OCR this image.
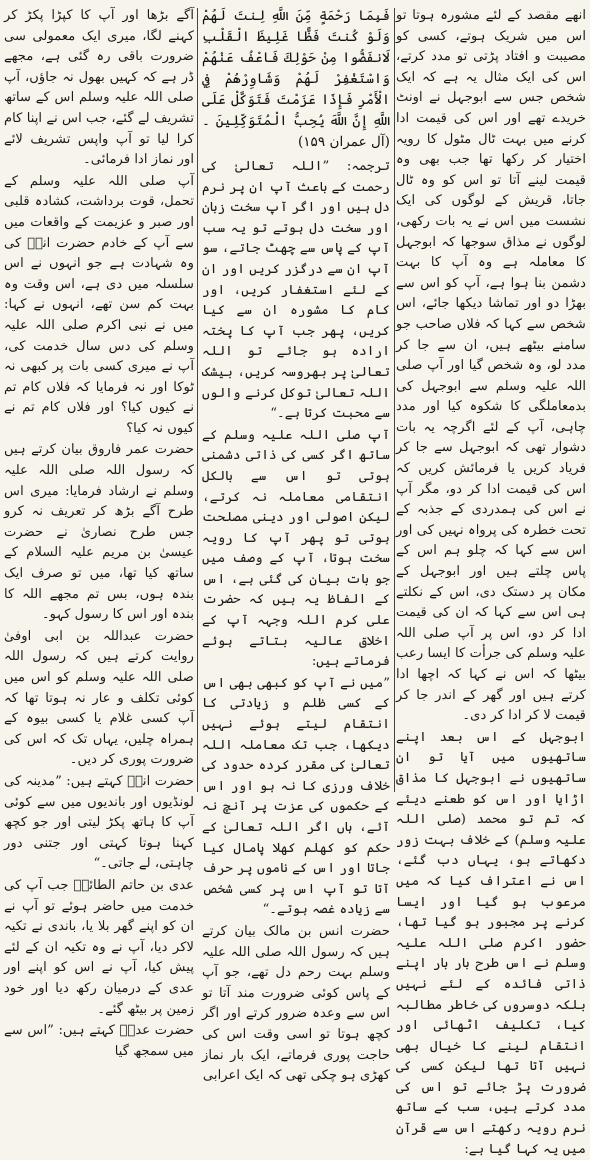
انھے مقصد کے لئے مشورہ ہوتا تو اس میں شریک ہوتے، کسی کو مصیبت و افتاد پڑتی تو مدد کرتے، اس کی ایک مثال یہ ہے کہ ایک شخص جس سے ابوجہل نے اونٹ خریدے تھے اور اس کی قیمت ادا کرنے میں بہت ٹال مٹول کا رویہ اختیار کر رکھا تھا جب بھی وہ قیمت لینے آتا تو اس کو وہ ٹال جاتا، قریش کے لوگوں کی ایک نشست میں اس نے یہ بات رکھی، لوگوں نے مذاق سوجھا کہ ابوجہل کا معاملہ ہے وہ آپ کا بہت دشمن بنا ہوا ہے، آپ کو اس سے بھڑا دو اور تماشا دیکھا جائے، اس شخص سے کہا کہ فلاں صاحب جو سامنے بیٹھے ہیں، ان سے جا کر مدد لو، وہ شخص گیا اور آپ صلی اللہ علیہ وسلم سے ابوجہل کی بدمعاملگی کا شکوہ کیا اور مدد چاہی، آپ کے لئے اگرچہ یہ بات دشوار تھی کہ ابوجہل سے جا کر فریاد کریں یا فرمائش کریں کہ اس کی قیمت ادا کر دو، مگر آپ نے اس کی ہمدردی کے جذبہ کے تحت خطرہ کی پرواہ نہیں کی اور اس سے کہا کہ چلو ہم اس کے پاس چلتے ہیں اور ابوجہل کے مکان پر دستک دی، اس کے نکلتے ہی اس سے کہا کہ ان کی قیمت ادا کر دو، اس پر آپ صلی اللہ علیہ وسلم کی جرأت کا ایسا رعب بیٹھا کہ اس نے کہا کہ اچھا ادا کرتے ہیں اور گھر کے اندر جا کر قیمت لا کر ادا کر دی۔

ابوجہل کے اس بعد اپنے ساتھیوں میں آیا تو ان ساتھیوں نے ابوجہل کا مذاق اڑایا اور اس کو طعنے دیئے کہ تم تو محمد (صلی اللہ علیہ وسلم) کے خلاف بہت زور دکھاتے ہو، یہاں دب گئے، اس نے اعتراف کیا کہ میں مرعوب ہو گیا اور ایسا کرنے پر مجبور ہو گیا تھا، حضور اکرم صلی اللہ علیہ وسلم نے اس طرح بار بار اپنے ذاتی فائدہ کے لئے نہیں بلکہ دوسروں کی خاطر مطالبہ کیا، تکلیف اٹھائی اور انتقام لینے کا خیال بھی نہیں آتا تھا لیکن کسی کی ضرورت پڑ جائے تو اس کی مدد کرتے ہیں، سب کے ساتھ نرم رویہ رکھتے اس سے قرآن میں یہ کہا گیا ہے:

فَبِمَا رَحْمَةٍ مِّنَ اللَّهِ لِنتَ لَهُمْ وَلَوْ كُنتَ فَظًّا غَلِيظَ الْقَلْبِ لَانفَضُّوا مِنْ حَوْلِكَ فَاعْفُ عَنْهُمْ وَاسْتَغْفِرْ لَهُمْ وَشَاوِرْهُمْ فِي الْأَمْرِ فَإِذَا عَزَمْتَ فَتَوَكَّلْ عَلَى اللَّهِ إِنَّ اللَّهَ يُحِبُّ الْمُتَوَكِّلِينَ ۔ (آل عمران ۱۵۹)

ترجمہ: ”اللہ تعالیٰ کی رحمت کے باعث آپ ان پر نرم دل ہیں اور اگر آپ سخت زبان اور سخت دل ہوتے تو یہ سب آپ کے پاس سے چھٹ جاتے، سو آپ ان سے درگزر کریں اور ان کے لئے استغفار کریں، اور کام کا مشورہ ان سے کیا کریں، پھر جب آپ کا پختہ ارادہ ہو جائے تو اللہ تعالیٰ پر بھروسہ کریں، بیشک اللہ تعالیٰ توکل کرنے والوں سے محبت کرتا ہے۔“

آپ صلی اللہ علیہ وسلم کے ساتھ اگر کسی کی ذاتی دشمنی ہوتی تو اس سے بالکل انتقامی معاملہ نہ کرتے، لیکن اصولی اور دینی مصلحت ہوتی تو پھر آپ کا رویہ سخت ہوتا، آپ کے وصف میں جو بات بیان کی گئی ہے، اس کے الفاظ یہ ہیں کہ حضرت علی کرم اللہ وجہہ آپ کے اخلاق عالیہ بتاتے ہوئے فرماتے ہیں:

”میں نے آپ کو کبھی بھی اس کے کسی ظلم و زیادتی کا انتقام لیتے ہوئے نہیں دیکھا، جب تک معاملہ اللہ تعالیٰ کی مقرر کردہ حدود کی خلاف ورزی کا نہ ہو اور اس کے حکموں کی عزت پر آنچ نہ آئے، ہاں اگر اللہ تعالیٰ کے حکم کو کھلم کھلا پامال کیا جاتا اور اس کے ناموں پر حرف آتا تو آپ اس پر کسی شخص سے زیادہ غصہ ہوتے۔“

حضرت انس بن مالک بیان کرتے ہیں کہ رسول اللہ صلی اللہ علیہ وسلم بہت رحم دل تھے، جو آپ کے پاس کوئی ضرورت مند آتا تو اس سے وعدہ ضرور کرتے اور اگر کچھ ہوتا تو اسی وقت اس کی حاجت پوری فرماتے، ایک بار نماز کھڑی ہو چکی تھی کہ ایک اعرابی

آگے بڑھا اور آپ کا کپڑا پکڑ کر کہنے لگا، میری ایک معمولی سی ضرورت باقی رہ گئی ہے، مجھے ڈر ہے کہ کہیں بھول نہ جاؤں، آپ صلی اللہ علیہ وسلم اس کے ساتھ تشریف لے گئے، جب اس نے اپنا کام کرا لیا تو آپ واپس تشریف لائے اور نماز ادا فرمائی۔

آپ صلی اللہ علیہ وسلم کے تحمل، قوت برداشت، کشادہ قلبی اور صبر و عزیمت کے واقعات میں سے آپ کے خادم حضرت انسؓ کی وہ شہادت ہے جو انہوں نے اس سلسلہ میں دی ہے، اس وقت وہ بہت کم سن تھے، انہوں نے کہا: میں نے نبی اکرم صلی اللہ علیہ وسلم کی دس سال خدمت کی، آپ نے میری کسی بات پر کبھی نہ ٹوکا اور نہ فرمایا کہ فلاں کام تم نے کیوں کیا؟ اور فلاں کام تم نے کیوں نہ کیا؟

حضرت عمر فاروق بیان کرتے ہیں کہ رسول اللہ صلی اللہ علیہ وسلم نے ارشاد فرمایا: میری اس طرح آگے بڑھ کر تعریف نہ کرو جس طرح نصاریٰ نے حضرت عیسیٰ بن مریم علیہ السلام کے ساتھ کیا تھا، میں تو صرف ایک بندہ ہوں، بس تم مجھے اللہ کا بندہ اور اس کا رسول کہو۔

حضرت عبداللہ بن ابی اوفیٰ روایت کرتے ہیں کہ رسول اللہ صلی اللہ علیہ وسلم کو اس میں کوئی تکلف و عار نہ ہوتا تھا کہ آپ کسی غلام یا کسی بیوہ کے ہمراہ چلیں، یہاں تک کہ اس کی ضرورت پوری کر دیں۔

حضرت انسؓ کہتے ہیں: ”مدینہ کی لونڈیوں اور باندیوں میں سے کوئی آپ کا ہاتھ پکڑ لیتی اور جو کچھ کہنا ہوتا کہتی اور جتنی دور چاہتی، لے جاتی۔“

عدی بن حاتم الطائیؓ جب آپ کی خدمت میں حاضر ہوئے تو آپ نے ان کو اپنے گھر بلا یا، باندی نے تکیہ لاکر دیا، آپ نے وہ تکیہ ان کے لئے پیش کیا، آپ نے اس کو اپنے اور عدی کے درمیان رکھ دیا اور خود زمین پر بیٹھ گئے۔

حضرت عدیؓ کہتے ہیں: ”اس سے میں سمجھ گیا
